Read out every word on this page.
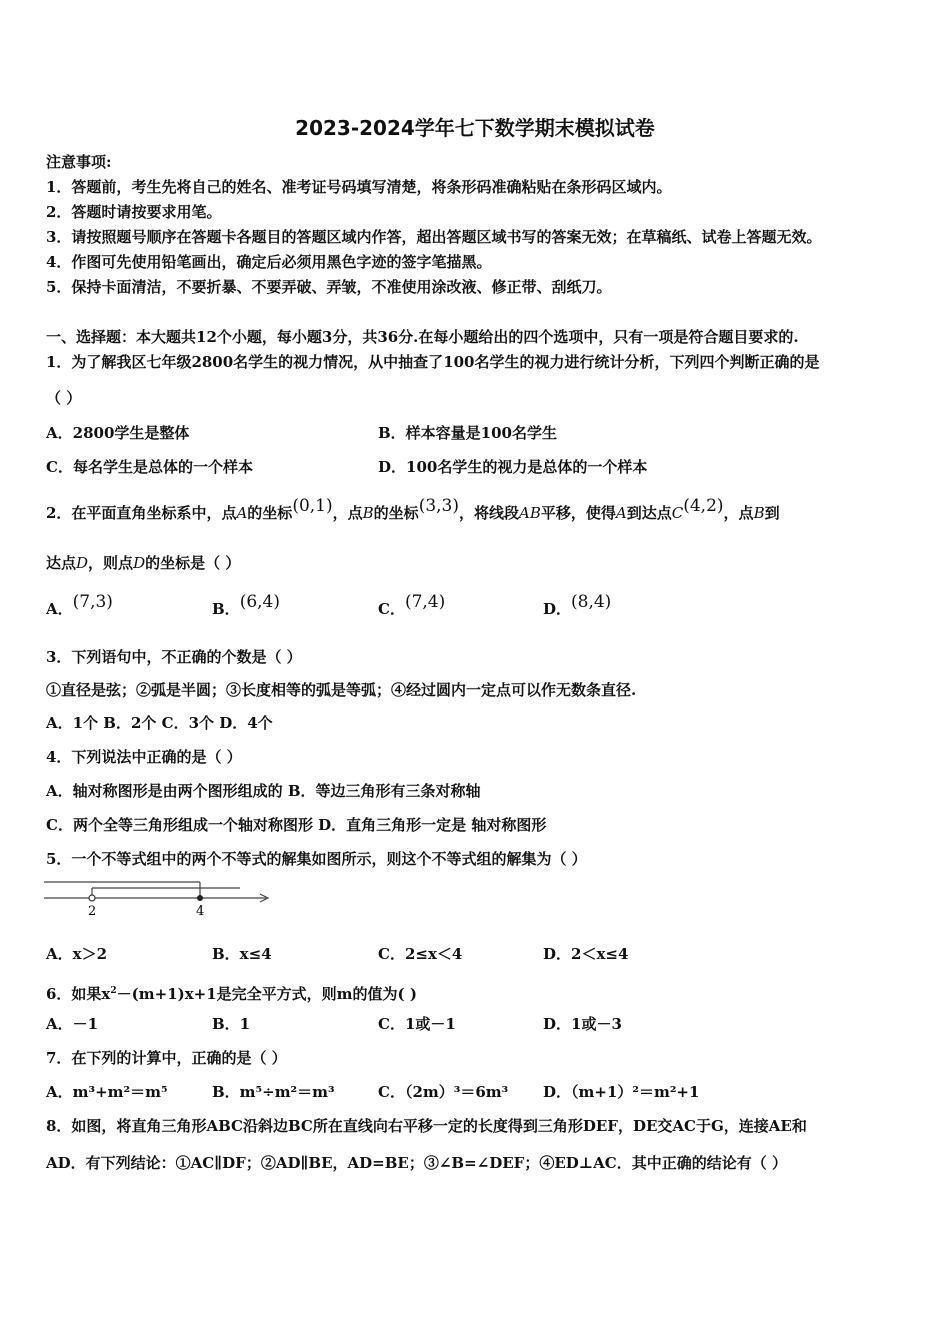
2023-2024学年七下数学期末模拟试卷
注意事项:
1．答题前，考生先将自己的姓名、准考证号码填写清楚，将条形码准确粘贴在条形码区域内。
2．答题时请按要求用笔。
3．请按照题号顺序在答题卡各题目的答题区域内作答，超出答题区域书写的答案无效；在草稿纸、试卷上答题无效。
4．作图可先使用铅笔画出，确定后必须用黑色字迹的签字笔描黑。
5．保持卡面清洁，不要折暴、不要弄破、弄皱，不准使用涂改液、修正带、刮纸刀。
一、选择题：本大题共12个小题，每小题3分，共36分.在每小题给出的四个选项中，只有一项是符合题目要求的.
1．为了解我区七年级2800名学生的视力情况，从中抽查了100名学生的视力进行统计分析，下列四个判断正确的是
（ ）
A．2800学生是整体	B．样本容量是100名学生
C．每名学生是总体的一个样本	D．100名学生的视力是总体的一个样本
2．在平面直角坐标系中，点A的坐标(0,1)，点B的坐标(3,3)，将线段AB平移，使得A到达点C(4,2)，点B到
达点D，则点D的坐标是（ ）
A．(7,3)	B．(6,4)	C．(7,4)	D．(8,4)
3．下列语句中，不正确的个数是（ ）
①直径是弦；②弧是半圆；③长度相等的弧是等弧；④经过圆内一定点可以作无数条直径.
A．1个 B．2个 C．3个 D．4个
4．下列说法中正确的是（ ）
A．轴对称图形是由两个图形组成的 B．等边三角形有三条对称轴
C．两个全等三角形组成一个轴对称图形 D．直角三角形一定是 轴对称图形
5．一个不等式组中的两个不等式的解集如图所示，则这个不等式组的解集为（ ）
2	4
A．x＞2	B．x≤4	C．2≤x＜4	D．2＜x≤4
6．如果$x^2-(m+1)x+1$是完全平方式，则m的值为( )
A．－1	B．1	C．1或－1	D．1或－3
7．在下列的计算中，正确的是（ ）
A．m³+m²＝m⁵	B．m⁵÷m²＝m³	C．（2m）³＝6m³ D．（m+1）²＝m²+1
8．如图，将直角三角形ABC沿斜边BC所在直线向右平移一定的长度得到三角形DEF，DE交AC于G，连接AE和
AD．有下列结论：①AC∥DF；②AD∥BE，AD=BE；③∠B=∠DEF；④ED⊥AC．其中正确的结论有（ ）
